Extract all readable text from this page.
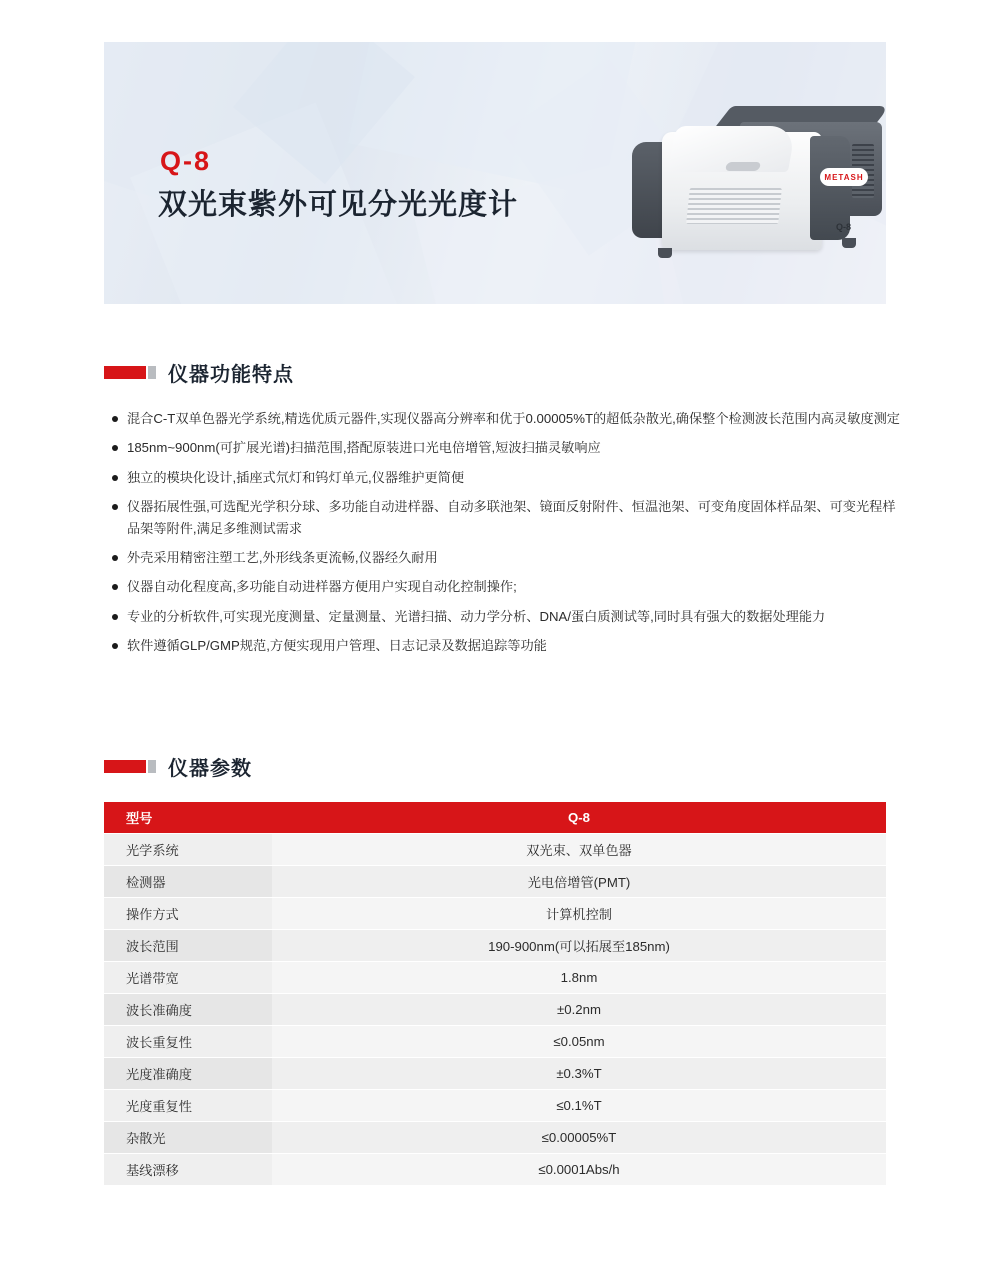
Q-8
双光束紫外可见分光光度计
METASH
Q-8
仪器功能特点
混合C-T双单色器光学系统,精选优质元器件,实现仪器高分辨率和优于0.00005%T的超低杂散光,确保整个检测波长范围内高灵敏度测定
185nm~900nm(可扩展光谱)扫描范围,搭配原装进口光电倍增管,短波扫描灵敏响应
独立的模块化设计,插座式氘灯和钨灯单元,仪器维护更简便
仪器拓展性强,可选配光学积分球、多功能自动进样器、自动多联池架、镜面反射附件、恒温池架、可变角度固体样品架、可变光程样品架等附件,满足多维测试需求
外壳采用精密注塑工艺,外形线条更流畅,仪器经久耐用
仪器自动化程度高,多功能自动进样器方便用户实现自动化控制操作;
专业的分析软件,可实现光度测量、定量测量、光谱扫描、动力学分析、DNA/蛋白质测试等,同时具有强大的数据处理能力
软件遵循GLP/GMP规范,方便实现用户管理、日志记录及数据追踪等功能
仪器参数
型号	Q-8
光学系统	双光束、双单色器
检测器	光电倍增管(PMT)
操作方式	计算机控制
波长范围	190-900nm(可以拓展至185nm)
光谱带宽	1.8nm
波长准确度	±0.2nm
波长重复性	≤0.05nm
光度准确度	±0.3%T
光度重复性	≤0.1%T
杂散光	≤0.00005%T
基线漂移	≤0.0001Abs/h
